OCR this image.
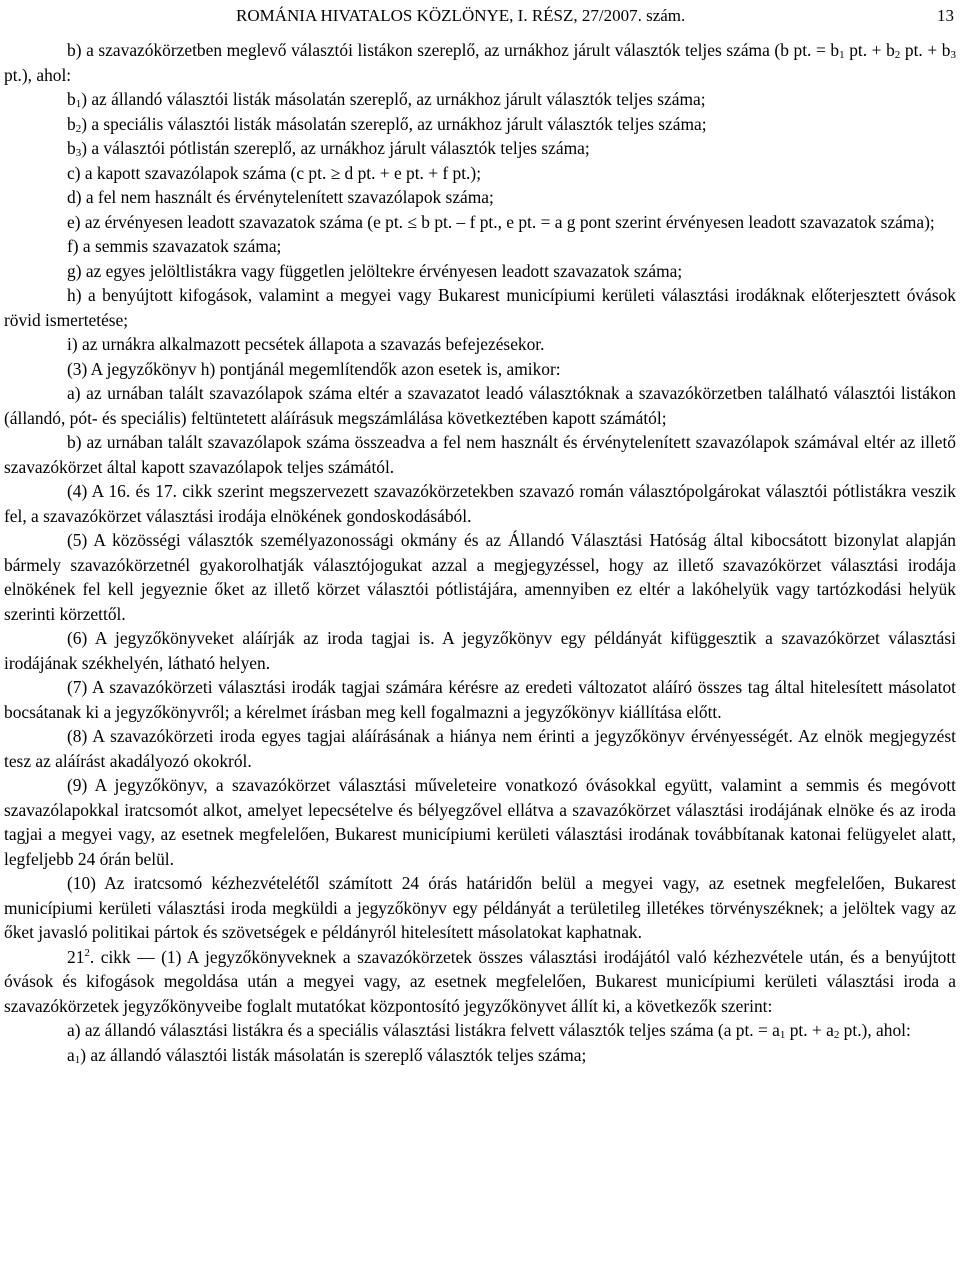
ROMÁNIA HIVATALOS KÖZLÖNYE, I. RÉSZ, 27/2007. szám.	13

b) a szavazókörzetben meglevő választói listákon szereplő, az urnákhoz járult választók teljes száma (b pt. = $b_1$ pt. + $b_2$ pt. + $b_3$ pt.), ahol:

$b_1$) az állandó választói listák másolatán szereplő, az urnákhoz járult választók teljes száma;

$b_2$) a speciális választói listák másolatán szereplő, az urnákhoz járult választók teljes száma;

$b_3$) a választói pótlistán szereplő, az urnákhoz járult választók teljes száma;

c) a kapott szavazólapok száma (c pt. ≥ d pt. + e pt. + f pt.);

d) a fel nem használt és érvénytelenített szavazólapok száma;

e) az érvényesen leadott szavazatok száma (e pt. ≤ b pt. – f pt., e pt. = a g pont szerint érvényesen leadott szavazatok száma);

f) a semmis szavazatok száma;

g) az egyes jelöltlistákra vagy független jelöltekre érvényesen leadott szavazatok száma;

h) a benyújtott kifogások, valamint a megyei vagy Bukarest municípiumi kerületi választási irodáknak előterjesztett óvások rövid ismertetése;

i) az urnákra alkalmazott pecsétek állapota a szavazás befejezésekor.

(3) A jegyzőkönyv h) pontjánál megemlítendők azon esetek is, amikor:

a) az urnában talált szavazólapok száma eltér a szavazatot leadó választóknak a szavazókörzetben található választói listákon (állandó, pót- és speciális) feltüntetett aláírásuk megszámlálása következtében kapott számától;

b) az urnában talált szavazólapok száma összeadva a fel nem használt és érvénytelenített szavazólapok számával eltér az illető szavazókörzet által kapott szavazólapok teljes számától.

(4) A 16. és 17. cikk szerint megszervezett szavazókörzetekben szavazó román választópolgárokat választói pótlistákra veszik fel, a szavazókörzet választási irodája elnökének gondoskodásából.

(5) A közösségi választók személyazonossági okmány és az Állandó Választási Hatóság által kibocsátott bizonylat alapján bármely szavazókörzetnél gyakorolhatják választójogukat azzal a megjegyzéssel, hogy az illető szavazókörzet választási irodája elnökének fel kell jegyeznie őket az illető körzet választói pótlistájára, amennyiben ez eltér a lakóhelyük vagy tartózkodási helyük szerinti körzettől.

(6) A jegyzőkönyveket aláírják az iroda tagjai is. A jegyzőkönyv egy példányát kifüggesztik a szavazókörzet választási irodájának székhelyén, látható helyen.

(7) A szavazókörzeti választási irodák tagjai számára kérésre az eredeti változatot aláíró összes tag által hitelesített másolatot bocsátanak ki a jegyzőkönyvről; a kérelmet írásban meg kell fogalmazni a jegyzőkönyv kiállítása előtt.

(8) A szavazókörzeti iroda egyes tagjai aláírásának a hiánya nem érinti a jegyzőkönyv érvényességét. Az elnök megjegyzést tesz az aláírást akadályozó okokról.

(9) A jegyzőkönyv, a szavazókörzet választási műveleteire vonatkozó óvásokkal együtt, valamint a semmis és megóvott szavazólapokkal iratcsomót alkot, amelyet lepecsételve és bélyegzővel ellátva a szavazókörzet választási irodájának elnöke és az iroda tagjai a megyei vagy, az esetnek megfelelően, Bukarest municípiumi kerületi választási irodának továbbítanak katonai felügyelet alatt, legfeljebb 24 órán belül.

(10) Az iratcsomó kézhezvételétől számított 24 órás határidőn belül a megyei vagy, az esetnek megfelelően, Bukarest municípiumi kerületi választási iroda megküldi a jegyzőkönyv egy példányát a területileg illetékes törvényszéknek; a jelöltek vagy az őket javasló politikai pártok és szövetségek e példányról hitelesített másolatokat kaphatnak.

$21^2$. cikk — (1) A jegyzőkönyveknek a szavazókörzetek összes választási irodájától való kézhezvétele után, és a benyújtott óvások és kifogások megoldása után a megyei vagy, az esetnek megfelelően, Bukarest municípiumi kerületi választási iroda a szavazókörzetek jegyzőkönyveibe foglalt mutatókat központosító jegyzőkönyvet állít ki, a következők szerint:

a) az állandó választási listákra és a speciális választási listákra felvett választók teljes száma (a pt. = $a_1$ pt. + $a_2$ pt.), ahol:

$a_1$) az állandó választói listák másolatán is szereplő választók teljes száma;
